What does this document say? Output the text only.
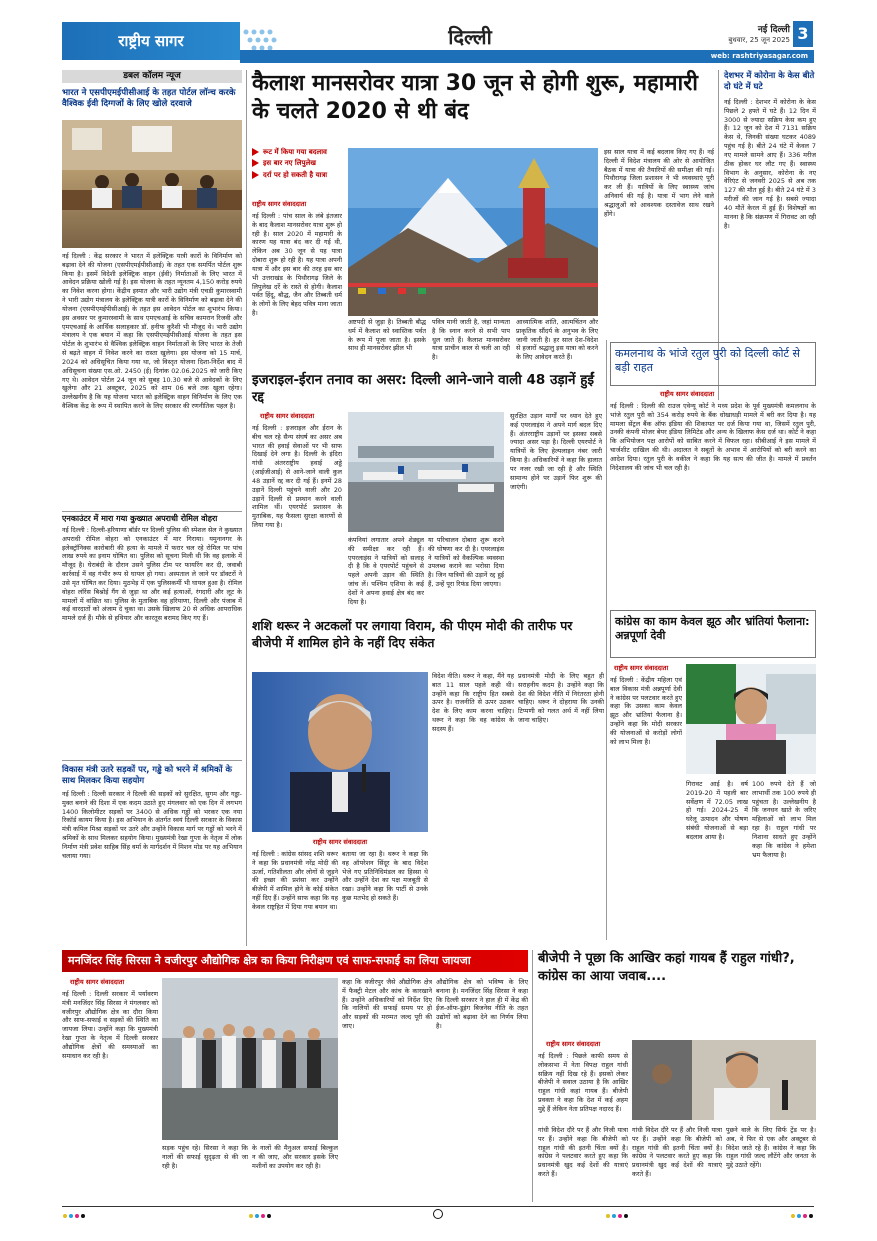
राष्ट्रीय सागर	दिल्ली	नई दिल्ली
बुधवार, 25 जून 2025 3
web: rashtriyasagar.com
डबल कॉलम न्यूज
भारत ने एसपीएमईपीसीआई के तहत पोर्टल लॉन्च करके वैश्विक ईवी दिग्गजों के लिए खोले दरवाजे
नई दिल्ली : केंद्र सरकार ने भारत में इलेक्ट्रिक यात्री कारों के विनिर्माण को बढ़ावा देने की योजना (एसपीएमईपीसीआई) के तहत एक समर्पित पोर्टल शुरू किया है। इसमें विदेशी इलेक्ट्रिक वाहन (ईवी) निर्माताओं के लिए भारत में आवेदन प्रक्रिया खोली गई है। इस योजना के तहत न्यूनतम 4,150 करोड़ रुपये का निवेश करना होगा। केंद्रीय इस्पात और भारी उद्योग मंत्री एचडी कुमारस्वामी ने भारी उद्योग मंत्रालय के इलेक्ट्रिक यात्री कारों के विनिर्माण को बढ़ावा देने की योजना (एसपीएमईपीसीआई) के तहत इस आवेदन पोर्टल का शुभारंभ किया। इस अवसर पर कुमारस्वामी के साथ एमएचआई के सचिव कामरान रिजवी और एमएचआई के आर्थिक सलाहकार डॉ. हनीफ कुरैशी भी मौजूद थे। भारी उद्योग मंत्रालय ने एक बयान में कहा कि एसपीएमईपीसीआई योजना के तहत इस पोर्टल के शुभारंभ से वैश्विक इलेक्ट्रिक वाहन निर्माताओं के लिए भारत के तेजी से बढ़ते वाहन में निवेश करने का रास्ता खुलेगा। इस योजना को 15 मार्च, 2024 को अधिसूचित किया गया था, जो विस्तृत योजना दिशा-निर्देश बाद में अधिसूचना संख्या एस.ओ. 2450 (ई) दिनांक 02.06.2025 को जारी किए गए थे। आवेदन पोर्टल 24 जून को सुबह 10.30 बजे से आवेदकों के लिए खुलेगा और 21 अक्टूबर, 2025 को शाम 06 बजे तक खुला रहेगा। उल्लेखनीय है कि यह योजना भारत को इलेक्ट्रिक वाहन विनिर्माण के लिए एक वैश्विक केंद्र के रूप में स्थापित करने के लिए सरकार की रणनीतिक पहल है।
एनकाउंटर में मारा गया कुख्यात अपराधी रोमिल वोहरा
नई दिल्ली : दिल्ली-हरियाणा बॉर्डर पर दिल्ली पुलिस की स्पेशल सेल ने कुख्यात अपराधी रोमिल वोहरा को एनकाउंटर में मार गिराया। यमुनानगर के इलेक्ट्रॉनिक्स कारोबारी की हत्या के मामले में फरार चल रहे रोमिल पर पांच लाख रुपये का इनाम घोषित था। पुलिस को सूचना मिली थी कि वह इलाके में मौजूद है। घेराबंदी के दौरान उसने पुलिस टीम पर फायरिंग कर दी, जवाबी कार्रवाई में वह गंभीर रूप से घायल हो गया। अस्पताल ले जाने पर डॉक्टरों ने उसे मृत घोषित कर दिया। मुठभेड़ में एक पुलिसकर्मी भी घायल हुआ है। रोमिल वोहरा लॉरेंस बिश्नोई गैंग से जुड़ा था और कई हत्याओं, रंगदारी और लूट के मामलों में वांछित था। पुलिस के मुताबिक वह हरियाणा, दिल्ली और पंजाब में कई वारदातों को अंजाम दे चुका था। उसके खिलाफ 20 से अधिक आपराधिक मामले दर्ज हैं। मौके से हथियार और कारतूस बरामद किए गए हैं।
विकास मंत्री उतरे सड़कों पर, गड्ढे को भरने में श्रमिकों के साथ मिलकर किया सहयोग
नई दिल्ली : दिल्ली सरकार ने दिल्ली की सड़कों को सुरक्षित, सुगम और गड्ढा-मुक्त बनाने की दिशा में एक कदम उठाते हुए मंगलवार को एक दिन में लगभग 1400 किलोमीटर सड़कों पर 3400 से अधिक गड्ढों को भरकर एक नया रिकॉर्ड कायम किया है। इस अभियान के अंतर्गत स्वयं दिल्ली सरकार के विकास मंत्री कपिल मिश्रा सड़कों पर उतरे और उन्होंने विकास मार्ग पर गड्ढों को भरने में श्रमिकों के साथ मिलकर सहयोग किया। मुख्यमंत्री रेखा गुप्ता के नेतृत्व में लोक निर्माण मंत्री प्रवेश साहिब सिंह वर्मा के मार्गदर्शन में मिशन मोड पर यह अभियान चलाया गया।
कैलाश मानसरोवर यात्रा 30 जून से होगी शुरू, महामारी के चलते 2020 से थी बंद
रूट में किया गया बदलाव
इस बार नए लिपुलेख
दर्रा पर हो सकती है यात्रा
राष्ट्रीय सागर संवाददाता
नई दिल्ली : पांच साल के लंबे इंतजार के बाद कैलाश मानसरोवर यात्रा शुरू हो रही है। साल 2020 में महामारी के कारण यह यात्रा बंद कर दी गई थी, लेकिन अब 30 जून से यह यात्रा दोबारा शुरू हो रही है। यह यात्रा अपनी यात्रा में और इस बार की तरह इस बार भी उत्तराखंड के पिथौरागढ़ जिले के लिपुलेख दर्रे के रास्ते से होगी। कैलाश पर्वत हिंदू, बौद्ध, जैन और तिब्बती धर्म के लोगों के लिए बेहद पवित्र माना जाता है।
अष्टपदी से जुड़ा है। तिब्बती बौद्ध धर्म में कैलाश को स्वास्तिक पर्वत के रूप में पूजा जाता है। इसके साथ ही मानसरोवर झील भी
पवित्र मानी जाती है, जहां मान्यता है कि स्नान करने से सभी पाप धुल जाते हैं। कैलाश मानसरोवर यात्रा प्राचीन काल से चली आ रही है।
आध्यात्मिक शांति, आत्मचिंतन और प्राकृतिक सौंदर्य के अनुभव के लिए जानी जाती है। हर साल देश-विदेश से हजारों श्रद्धालु इस यात्रा को करने के लिए आवेदन करते हैं।
इस साल यात्रा में कई बदलाव किए गए हैं। नई दिल्ली में विदेश मंत्रालय की ओर से आयोजित बैठक में यात्रा की तैयारियों की समीक्षा की गई। पिथौरागढ़ जिला प्रशासन ने भी व्यवस्थाएं पूरी कर ली हैं। यात्रियों के लिए स्वास्थ्य जांच अनिवार्य की गई है। यात्रा में भाग लेने वाले श्रद्धालुओं को आवश्यक दस्तावेज साथ रखने होंगे।
देशभर में कोरोना के केस बीते दो घंटे में घटे
नई दिल्ली : देशभर में कोरोना के केस पिछले 2 हफ्ते में घटे हैं। 12 दिन में 3000 से ज्यादा सक्रिय केस कम हुए हैं। 12 जून को देश में 7131 सक्रिय केस थे, जिनकी संख्या घटकर 4089 पहुंच गई है। बीते 24 घंटे में केवल 7 नए मामले सामने आए हैं। 336 मरीज ठीक होकर घर लौट गए हैं। स्वास्थ्य विभाग के अनुसार, कोरोना के नए वेरिएंट से जनवरी 2025 से अब तक 127 की मौत हुई है। बीते 24 घंटे में 3 मरीजों की जान गई है। सबसे ज्यादा 40 मौतें केरल में हुई हैं। विशेषज्ञों का मानना है कि संक्रमण में गिरावट आ रही है।
कमलनाथ के भांजे रतुल पुरी को दिल्ली कोर्ट से बड़ी राहत
राष्ट्रीय सागर संवाददाता
नई दिल्ली : दिल्ली की राउज एवेन्यू कोर्ट ने मध्य प्रदेश के पूर्व मुख्यमंत्री कमलनाथ के भांजे रतुल पुरी को 354 करोड़ रुपये के बैंक धोखाधड़ी मामले में बरी कर दिया है। यह मामला सेंट्रल बैंक ऑफ इंडिया की शिकायत पर दर्ज किया गया था, जिसमें रतुल पुरी, उनकी कंपनी मोजर बेयर इंडिया लिमिटेड और अन्य के खिलाफ केस दर्ज था। कोर्ट ने कहा कि अभियोजन पक्ष आरोपों को साबित करने में विफल रहा। सीबीआई ने इस मामले में चार्जशीट दाखिल की थी। अदालत ने सबूतों के अभाव में आरोपियों को बरी करने का आदेश दिया। रतुल पुरी के वकील ने कहा कि यह सत्य की जीत है। मामले में प्रवर्तन निदेशालय की जांच भी चल रही है।
इजराइल-ईरान तनाव का असर: दिल्ली आने-जाने वाली 48 उड़ानें हुईं रद्द
राष्ट्रीय सागर संवाददाता
नई दिल्ली : इजराइल और ईरान के बीच चल रहे सैन्य संघर्ष का असर अब भारत की हवाई सेवाओं पर भी साफ दिखाई देने लगा है। दिल्ली के इंदिरा गांधी अंतरराष्ट्रीय हवाई अड्डे (आईजीआई) से आने-जाने वाली कुल 48 उड़ानें रद्द कर दी गई हैं। इनमें 28 उड़ानें दिल्ली पहुंचने वाली और 20 उड़ानें दिल्ली से प्रस्थान करने वाली शामिल थीं। एयरपोर्ट प्रशासन के मुताबिक, यह फैसला सुरक्षा कारणों से लिया गया है।
कंपनियां लगातार अपने शेड्यूल की समीक्षा कर रही हैं। एयरलाइंस ने यात्रियों को सलाह दी है कि वे एयरपोर्ट पहुंचने से पहले अपनी उड़ान की स्थिति जांच लें। पश्चिम एशिया के कई देशों ने अपना हवाई क्षेत्र बंद कर दिया है।
या परिचालन दोबारा शुरू करने की घोषणा कर दी है। एयरलाइंस ने यात्रियों को वैकल्पिक व्यवस्था उपलब्ध कराने का भरोसा दिया है। जिन यात्रियों की उड़ानें रद्द हुई हैं, उन्हें पूरा रिफंड दिया जाएगा।
सुरक्षित उड़ान मार्गों पर ध्यान देते हुए कई एयरलाइंस ने अपने मार्ग बदल दिए हैं। अंतरराष्ट्रीय उड़ानों पर इसका सबसे ज्यादा असर पड़ा है। दिल्ली एयरपोर्ट ने यात्रियों के लिए हेल्पलाइन नंबर जारी किया है। अधिकारियों ने कहा कि हालात पर नजर रखी जा रही है और स्थिति सामान्य होने पर उड़ानें फिर शुरू की जाएंगी।
शशि थरूर ने अटकलों पर लगाया विराम, की पीएम मोदी की तारीफ पर बीजेपी में शामिल होने के नहीं दिए संकेत
राष्ट्रीय सागर संवाददाता
नई दिल्ली : कांग्रेस सांसद शशि थरूर ने कहा कि प्रधानमंत्री नरेंद्र मोदी की ऊर्जा, गतिशीलता और लोगों से जुड़ने की इच्छा की प्रशंसा कर उन्होंने बीजेपी में शामिल होने के कोई संकेत नहीं दिए हैं। उन्होंने साफ कहा कि यह केवल राष्ट्रहित में दिया गया बयान था।
बताया जा रहा है। थरूर ने कहा कि वह ऑपरेशन सिंदूर के बाद विदेश भेजे गए प्रतिनिधिमंडल का हिस्सा थे और उन्होंने देश का पक्ष मजबूती से रखा। उन्होंने कहा कि पार्टी से उनके कुछ मतभेद हो सकते हैं।
विदेश नीति। थरूर ने कहा, मैंने यह बात 11 साल पहले कही थी। उन्होंने कहा कि राष्ट्रीय हित सबसे ऊपर है। राजनीति से ऊपर उठकर देश के लिए काम करना चाहिए। थरूर ने कहा कि वह कांग्रेस के सदस्य हैं।
प्रधानमंत्री मोदी के लिए बहुत ही सराहनीय कदम है। उन्होंने कहा कि देश की विदेश नीति में निरंतरता होनी चाहिए। थरूर ने दोहराया कि उनकी टिप्पणी को गलत अर्थ में नहीं लिया जाना चाहिए।
कांग्रेस का काम केवल झूठ और भ्रांतियां फैलाना: अन्नपूर्णा देवी
राष्ट्रीय सागर संवाददाता
नई दिल्ली : केंद्रीय महिला एवं बाल विकास मंत्री अन्नपूर्णा देवी ने कांग्रेस पर पलटवार करते हुए कहा कि उसका काम केवल झूठ और भ्रांतियां फैलाना है। उन्होंने कहा कि मोदी सरकार की योजनाओं से करोड़ों लोगों को लाभ मिला है।
गिरावट आई है। वर्ष 2019-20 में पहली बार सर्वेक्षण में 72.05 लाख हो गई। 2024-25 में घरेलू उत्पादन और पोषण संबंधी योजनाओं से बड़ा बदलाव आया है।
100 रुपये देते हैं जो लाभार्थी तक 100 रुपये ही पहुंचता है। उल्लेखनीय है कि जनधन खाते के जरिए महिलाओं को लाभ मिल रहा है। राहुल गांधी पर निशाना साधते हुए उन्होंने कहा कि कांग्रेस ने हमेशा भ्रम फैलाया है।
मनजिंदर सिंह सिरसा ने वजीरपुर औद्योगिक क्षेत्र का किया निरीक्षण एवं साफ-सफाई का लिया जायजा
राष्ट्रीय सागर संवाददाता
नई दिल्ली : दिल्ली सरकार में पर्यावरण मंत्री मनजिंदर सिंह सिरसा ने मंगलवार को वजीरपुर औद्योगिक क्षेत्र का दौरा किया और साफ-सफाई व सड़कों की स्थिति का जायजा लिया। उन्होंने कहा कि मुख्यमंत्री रेखा गुप्ता के नेतृत्व में दिल्ली सरकार औद्योगिक क्षेत्रों की समस्याओं का समाधान कर रही है।
सड़क पहुंच रहे। सिरसा ने कहा कि नालों की सफाई सुदृढ़ता से की जा रही है।
के नालों की मैनुअल सफाई बिल्कुल न की जाए, और सरकार इसके लिए मशीनों का उपयोग कर रही है।
कहा कि वजीरपुर जैसे औद्योगिक क्षेत्र में फैक्ट्री मेटल और कांच के कारखाने हैं। उन्होंने अधिकारियों को निर्देश दिए कि नालियों की सफाई समय पर हो और सड़कों की मरम्मत जल्द पूरी की जाए।
औद्योगिक क्षेत्र को भविष्य के लिए बनाना है। मनजिंदर सिंह सिरसा ने कहा कि दिल्ली सरकार ने हाल ही में केंद्र की ईज-ऑफ-डूइंग बिजनेस नीति के तहत उद्योगों को बढ़ावा देने का निर्णय लिया है।
बीजेपी ने पूछा कि आखिर कहां गायब हैं राहुल गांधी?, कांग्रेस का आया जवाब....
राष्ट्रीय सागर संवाददाता
नई दिल्ली : पिछले काफी समय से लोकसभा में नेता विपक्ष राहुल गांधी सक्रिय नहीं दिख रहे हैं। इसको लेकर बीजेपी ने सवाल उठाया है कि आखिर राहुल गांधी कहां गायब हैं। बीजेपी प्रवक्ता ने कहा कि देश में कई अहम मुद्दे हैं लेकिन नेता प्रतिपक्ष नदारद हैं।
गांधी विदेश दौरे पर हैं और निजी यात्रा पर हैं। उन्होंने कहा कि बीजेपी को राहुल गांधी की इतनी चिंता क्यों है। कांग्रेस ने पलटवार करते हुए कहा कि प्रधानमंत्री खुद कई देशों की यात्राएं करते हैं।
गांधी विदेश दौरे पर हैं और निजी यात्रा पर हैं। उन्होंने कहा कि बीजेपी को राहुल गांधी की इतनी चिंता क्यों है। कांग्रेस ने पलटवार करते हुए कहा कि प्रधानमंत्री खुद कई देशों की यात्राएं करते हैं।
पुछने वाले के लिए सिर्फ ट्रेंड पर है। अब, वे फिर से एक और अक्टूबर से विदेश जाते रहे हैं। कांग्रेस ने कहा कि राहुल गांधी जल्द लौटेंगे और जनता के मुद्दे उठाते रहेंगे।
